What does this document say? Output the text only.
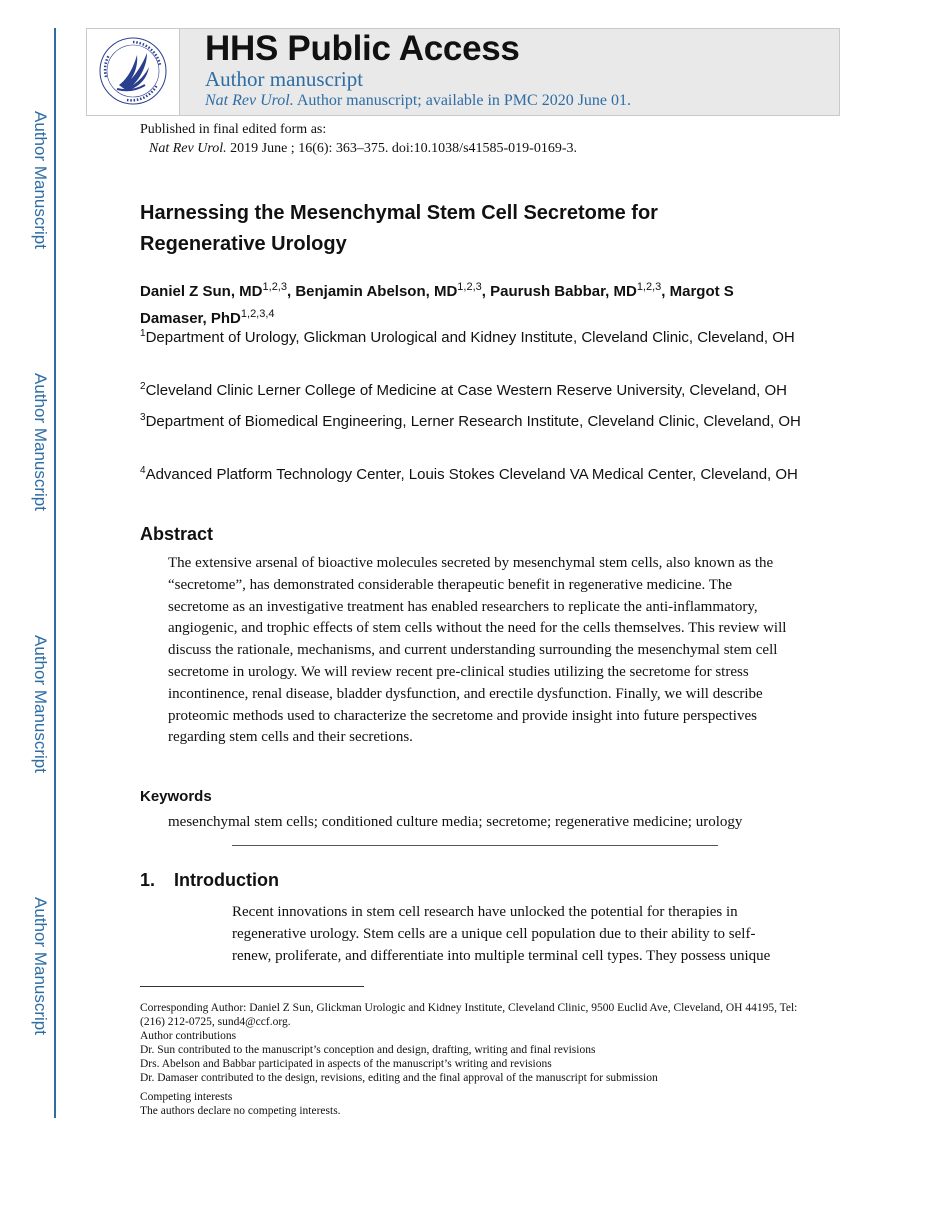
Author Manuscript
Author Manuscript
Author Manuscript
Author Manuscript
HHS Public Access
Author manuscript
Nat Rev Urol. Author manuscript; available in PMC 2020 June 01.
Published in final edited form as:
Nat Rev Urol. 2019 June ; 16(6): 363–375. doi:10.1038/s41585-019-0169-3.
Harnessing the Mesenchymal Stem Cell Secretome for Regenerative Urology
Daniel Z Sun, MD$^{1,2,3}$, Benjamin Abelson, MD$^{1,2,3}$, Paurush Babbar, MD$^{1,2,3}$, Margot S Damaser, PhD$^{1,2,3,4}$
$^1$Department of Urology, Glickman Urological and Kidney Institute, Cleveland Clinic, Cleveland, OH
$^2$Cleveland Clinic Lerner College of Medicine at Case Western Reserve University, Cleveland, OH
$^3$Department of Biomedical Engineering, Lerner Research Institute, Cleveland Clinic, Cleveland, OH
$^4$Advanced Platform Technology Center, Louis Stokes Cleveland VA Medical Center, Cleveland, OH
Abstract
The extensive arsenal of bioactive molecules secreted by mesenchymal stem cells, also known as the “secretome”, has demonstrated considerable therapeutic benefit in regenerative medicine. The secretome as an investigative treatment has enabled researchers to replicate the anti-inflammatory, angiogenic, and trophic effects of stem cells without the need for the cells themselves. This review will discuss the rationale, mechanisms, and current understanding surrounding the mesenchymal stem cell secretome in urology. We will review recent pre-clinical studies utilizing the secretome for stress incontinence, renal disease, bladder dysfunction, and erectile dysfunction. Finally, we will describe proteomic methods used to characterize the secretome and provide insight into future perspectives regarding stem cells and their secretions.
Keywords
mesenchymal stem cells; conditioned culture media; secretome; regenerative medicine; urology
1. Introduction
Recent innovations in stem cell research have unlocked the potential for therapies in regenerative urology. Stem cells are a unique cell population due to their ability to self-renew, proliferate, and differentiate into multiple terminal cell types. They possess unique
Corresponding Author: Daniel Z Sun, Glickman Urologic and Kidney Institute, Cleveland Clinic, 9500 Euclid Ave, Cleveland, OH 44195, Tel: (216) 212-0725, sund4@ccf.org.
Author contributions
Dr. Sun contributed to the manuscript’s conception and design, drafting, writing and final revisions
Drs. Abelson and Babbar participated in aspects of the manuscript’s writing and revisions
Dr. Damaser contributed to the design, revisions, editing and the final approval of the manuscript for submission
Competing interests
The authors declare no competing interests.
